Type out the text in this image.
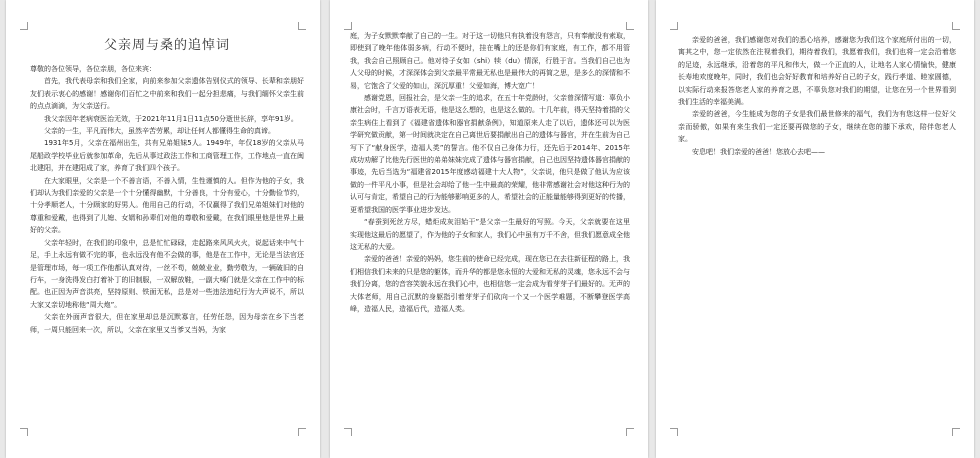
父亲周与桑的追悼词

尊敬的各位领导，各位亲朋，各位来宾：

首先，我代表母亲和我们全家，向前来参加父亲遗体告别仪式的领导、长辈和亲朋好友们表示衷心的感谢！感谢你们百忙之中前来和我们一起分担悲痛，与我们缅怀父亲生前的点点滴滴，为父亲送行。

我父亲因年老病衰医治无效，于2021年11月1日11点50分逝世长辞，享年91岁。

父亲的一生，平凡而伟大，虽然辛苦劳累，却让任何人都懂得生命的真谛。

1931年5月，父亲在福州出生，共有兄弟姐妹5人。1949年，年仅18岁的父亲从马尾船政学校毕业后就参加革命，先后从事过政法工作和工商管理工作，工作地点一直在闽北建阳，并在建阳成了家，养育了我们四个孩子。

在大家眼里，父亲是一个不善言语，不善入情，生性谨慎的人。但作为他的子女，我们却认为我们亲爱的父亲是一个十分懂得幽默，十分善良，十分有爱心，十分勤俭节约，十分孝顺老人，十分顾家的好男人。他用自己的行动，不仅赢得了我们兄弟姐妹们对他的尊重和爱戴，也得到了儿媳、女婿和孙辈们对他的尊敬和爱戴，在我们眼里他是世界上最好的父亲。

父亲年轻时，在我们的印象中，总是忙忙碌碌，走起路来风风火火，说起话来中气十足，手上永远有做不完的事，也永远没有他不会做的事，他是在工作中，无论是当法官还是管理市场，每一项工作他都认真对待，一丝不苟，兢兢业业，勤劳敬为，一辆破旧的自行车，一身洗得发白打着补丁的旧制服，一双解放鞋，一副大嗓门就是父亲在工作中的标配。也正因为声音洪亮，坚持原则、铁面无私，总是对一些违法违纪行为大声说不，所以大家又亲切地称他“周大炮”。

父亲在外面声音很大，但在家里却总是沉默寡言，任劳任怨，因为母亲在乡下当老师，一周只能回来一次，所以，父亲在家里又当爹又当妈，为家

庭，为子女默默奉献了自己的一生。对于这一切他只有执着没有怨言，只有奉献没有索取，即使到了晚年他体弱多病，行动不便时，挂在嘴上的还是你们有家庭，有工作，都不用管我，我会自己照顾自己。他对待子女如（shi）犊（du）情深，行胜于言。当我们自己也为人父母的时候，才深深体会到父亲最平常最无私也是最伟大的再简之思，是多么的深情和不易，它饱含了父爱的如山，深沉厚重！父爱如海，博大宽广！

感谢党恩，回报社会，是父亲一生的追求，在五十年党龄时，父亲曾深情写道：辜负小康社会时，千言万语表无语，他是这么想的，也是这么做的。十几年前，得天坚持着捐的父亲生病住上看到了《福建省遗体和器官捐献条例》，知道原来人走了以后，遗体还可以为医学研究做贡献，第一时间就决定在自己离世后要捐献出自己的遗体与器官，并在生前为自己写下了“献身医学，造福人类”的誓言。他不仅自己身体力行，还先后于2014年、2015年成功劝解了比他先行医世的弟弟妹妹完成了遗体与器官捐献，自己也因坚持遗体器官捐献的事迹，先后当选为“福建省2015年度感动福建十大人物”，父亲说，他只是做了他认为应该做的一件平凡小事，但是社会却给了他一生中最高的荣耀，他非常感谢社会对他这种行为的认可与肯定，希望自己的行为能够影响更多的人，希望社会的正能量能够得到更好的传播，更希望我国的医学事业进步发达。

“春蚕到死丝方尽，蜡炬成灰泪始干”是父亲一生最好的写照。今天，父亲就要在这里实现他这最后的愿望了，作为他的子女和家人，我们心中虽有万千不舍，但我们愿意成全他这无私的大爱。

亲爱的爸爸！亲爱的妈妈，您生前的使命已经完成，现在您已在去往新征程的路上，我们相信我们未来的只是您的躯体，而升华的都是您永恒的大爱和无私的灵魂，您永远不会与我们分离，您的音容笑貌永远在我们心中，也相信您一定会成为看芽芽子们最好的。无声的大体老师，用自己沉默的身躯指引着芽芽子们砍向一个又一个医学难题，不断攀登医学高峰，造福人民，造福后代，造福人类。

亲爱的爸爸，我们感谢您对我们的悉心培养，感谢您为我们这个家庭所付出的一切，寓其之中，您一定依然在注视着我们，期待着我们，我愿着我们，我们也将一定会沿着您的足迹，永远继承，沿着您的平凡和伟大，做一个正直的人，让地名人家心情愉快，健康长寿地欢度晚年，同时，我们也会好好教育和培养好自己的子女，践行孝道、睦家圆德，以实际行动来报答您老人家的养育之恩，不辜负您对我们的期望，让您在另一个世界看到我们生活的幸福美满。

亲爱的爸爸，今生能成为您的子女是我们最世修来的福气，我们为有您这样一位好父亲而骄傲，如果有来生我们一定还要再做您的子女，继续在您的膝下承欢，陪伴您老人家。

安息吧！我们亲爱的爸爸！您放心去吧——
